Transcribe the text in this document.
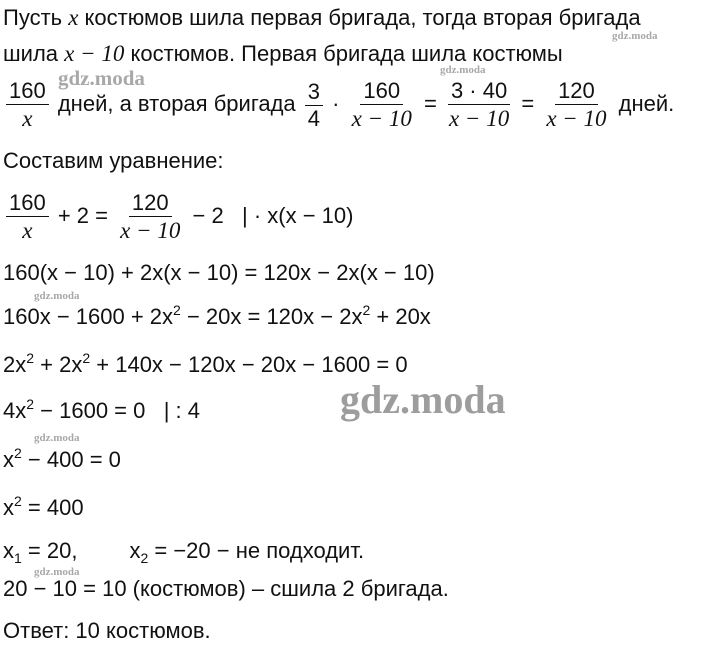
Пусть x костюмов шила первая бригада, тогда вторая бригада
шила x − 10 костюмов. Первая бригада шила костюмы
$\frac{160}{x}$ дней, а вторая бригада $\frac{3}{4} \cdot \frac{160}{x - 10} = \frac{3 \cdot 40}{x - 10} = \frac{120}{x - 10}$ дней.
Составим уравнение:
$\frac{160}{x} + 2 = \frac{120}{x - 10} - 2$   | · x(x − 10)
160(x − 10) + 2x(x − 10) = 120x − 2x(x − 10)
$160x - 1600 + 2x^2 - 20x = 120x - 2x^2 + 20x$
$2x^2 + 2x^2 + 140x - 120x - 20x - 1600 = 0$
$4x^2 - 1600 = 0$   | : 4
$x^2 - 400 = 0$
$x^2 = 400$
$x_1 = 20$, $x_2 = -20$ − не подходит.
20 − 10 = 10 (костюмов) – сшила 2 бригада.
Ответ: 10 костюмов.
gdz.moda
gdz.moda	gdz.moda
gdz.moda
gdz.moda
gdz.moda
gdz.moda
